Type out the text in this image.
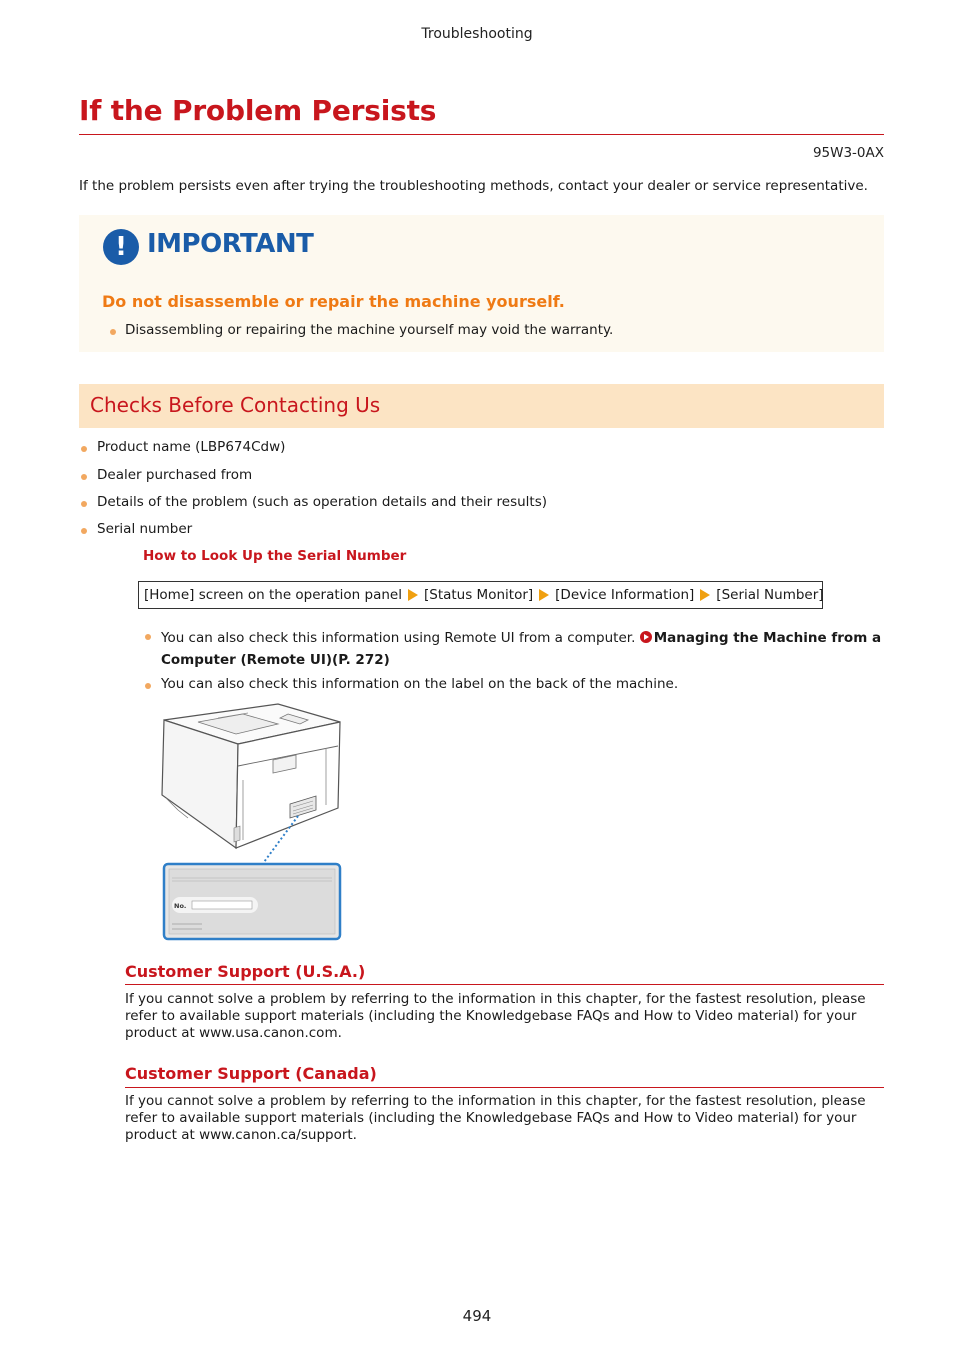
Troubleshooting
If the Problem Persists
95W3-0AX
If the problem persists even after trying the troubleshooting methods, contact your dealer or service representative.
! IMPORTANT
Do not disassemble or repair the machine yourself.
Disassembling or repairing the machine yourself may void the warranty.
Checks Before Contacting Us
Product name (LBP674Cdw)
Dealer purchased from
Details of the problem (such as operation details and their results)
Serial number
How to Look Up the Serial Number
[Home] screen on the operation panel [Status Monitor] [Device Information] [Serial Number]
You can also check this information using Remote UI from a computer. Managing the Machine from a
Computer (Remote UI)(P. 272)
You can also check this information on the label on the back of the machine.
No.
Customer Support (U.S.A.)
If you cannot solve a problem by referring to the information in this chapter, for the fastest resolution, please
refer to available support materials (including the Knowledgebase FAQs and How to Video material) for your
product at www.usa.canon.com.
Customer Support (Canada)
If you cannot solve a problem by referring to the information in this chapter, for the fastest resolution, please
refer to available support materials (including the Knowledgebase FAQs and How to Video material) for your
product at www.canon.ca/support.
494
